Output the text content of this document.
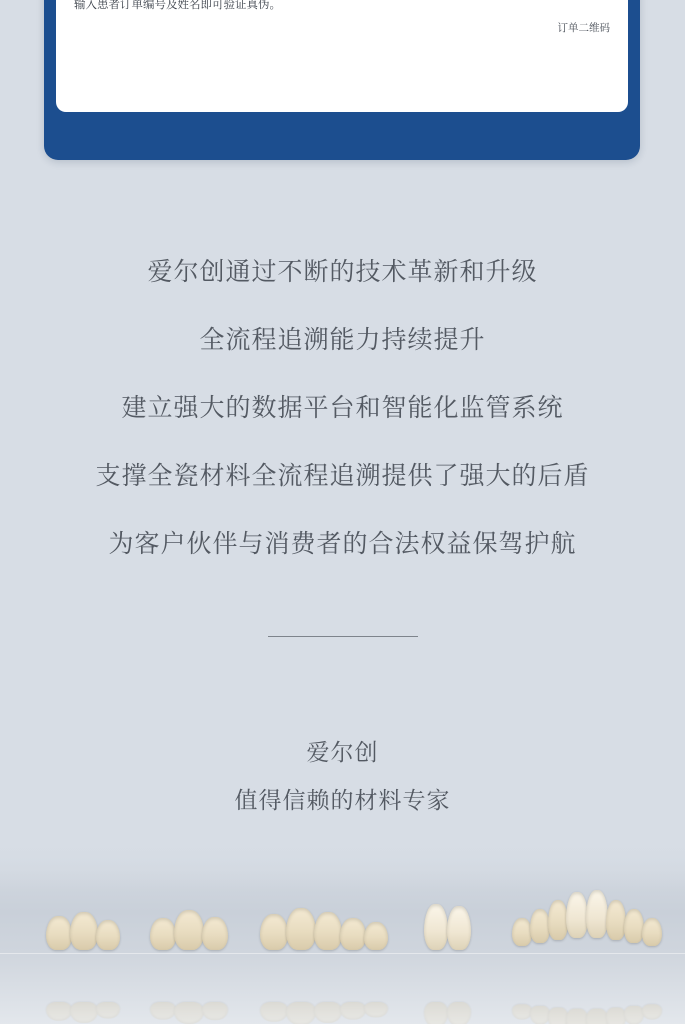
输入患者订单编号及姓名即可验证真伪。

订单二维码
爱尔创通过不断的技术革新和升级
全流程追溯能力持续提升
建立强大的数据平台和智能化监管系统
支撑全瓷材料全流程追溯提供了强大的后盾
为客户伙伴与消费者的合法权益保驾护航
爱尔创
值得信赖的材料专家
